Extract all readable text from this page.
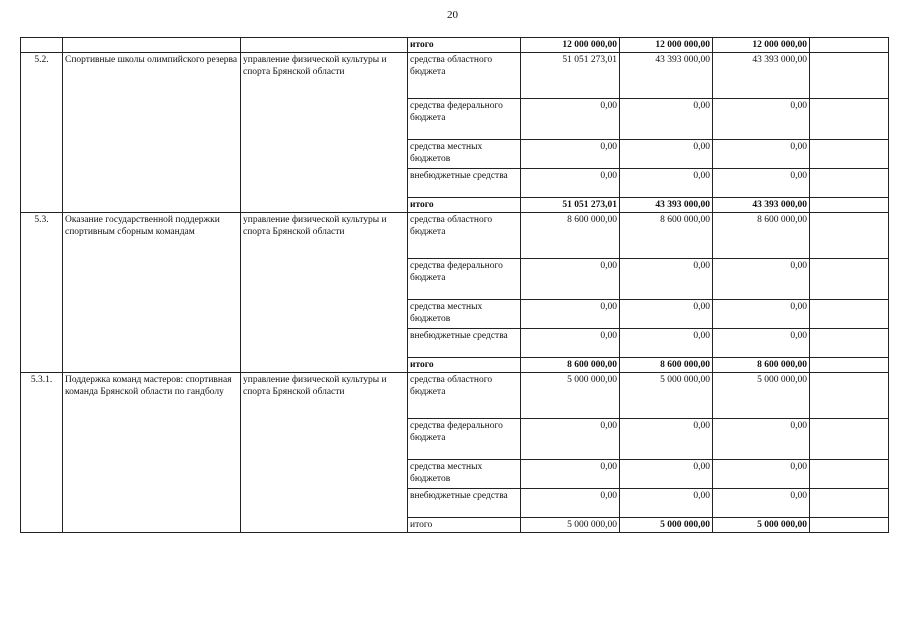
20
			итого	12 000 000,00	12 000 000,00	12 000 000,00	
5.2.	Спортивные школы олимпийского резерва	управление физической культуры и спорта Брянской области	средства областного бюджета	51 051 273,01	43 393 000,00	43 393 000,00	
			средства федерального бюджета	0,00	0,00	0,00	
			средства местных бюджетов	0,00	0,00	0,00	
			внебюджетные средства	0,00	0,00	0,00	
			итого	51 051 273,01	43 393 000,00	43 393 000,00	
5.3.	Оказание государственной поддержки спортивным сборным командам	управление физической культуры и спорта Брянской области	средства областного бюджета	8 600 000,00	8 600 000,00	8 600 000,00	
			средства федерального бюджета	0,00	0,00	0,00	
			средства местных бюджетов	0,00	0,00	0,00	
			внебюджетные средства	0,00	0,00	0,00	
			итого	8 600 000,00	8 600 000,00	8 600 000,00	
5.3.1.	Поддержка команд мастеров: спортивная команда Брянской области по гандболу	управление физической культуры и спорта Брянской области	средства областного бюджета	5 000 000,00	5 000 000,00	5 000 000,00	
			средства федерального бюджета	0,00	0,00	0,00	
			средства местных бюджетов	0,00	0,00	0,00	
			внебюджетные средства	0,00	0,00	0,00	
			итого	5 000 000,00	5 000 000,00	5 000 000,00	
